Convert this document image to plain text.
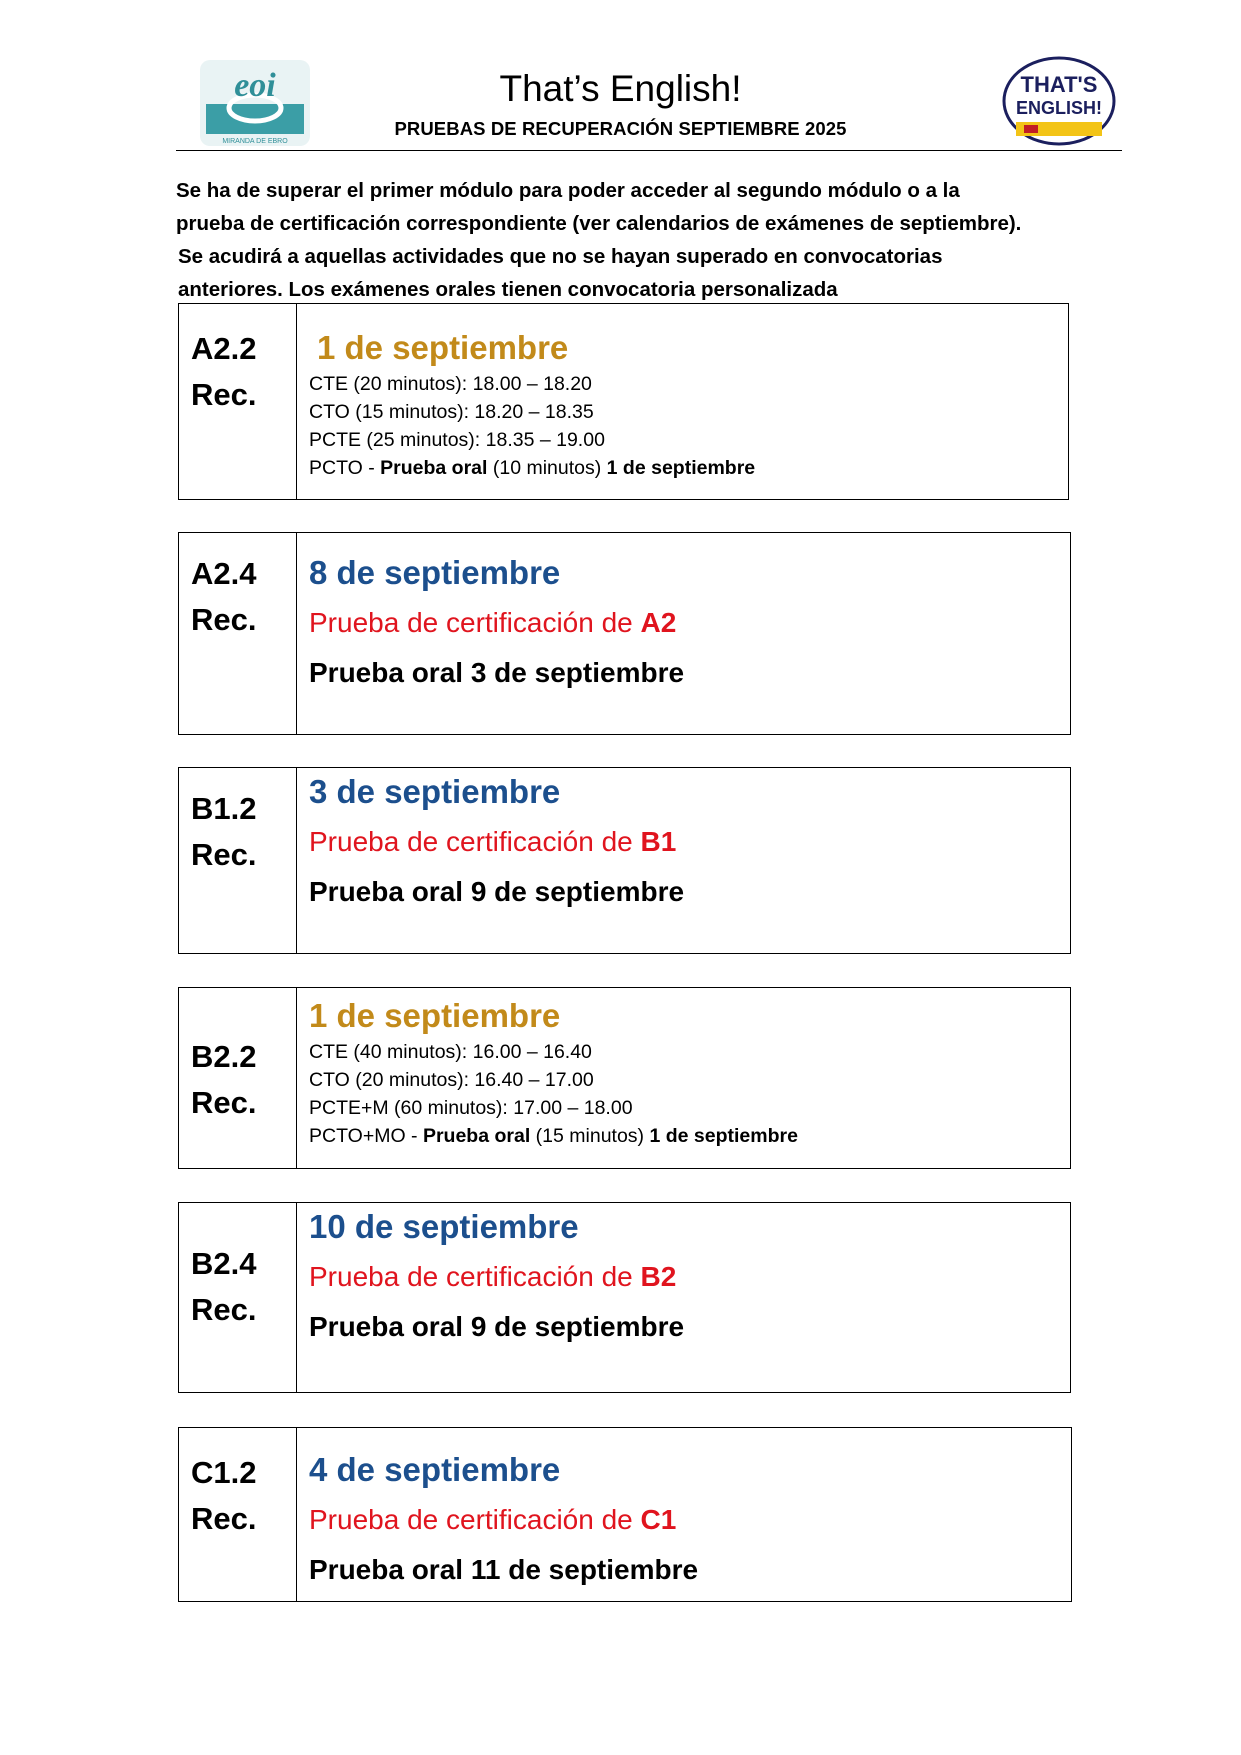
eoi
MIRANDA DE EBRO
THAT'S
ENGLISH!
That’s English!
PRUEBAS DE RECUPERACIÓN SEPTIEMBRE 2025

Se ha de superar el primer módulo para poder acceder al segundo módulo o a la

prueba de certificación correspondiente (ver calendarios de exámenes de septiembre).

Se acudirá a aquellas actividades que no se hayan superado en convocatorias

anteriores. Los exámenes orales tienen convocatoria personalizada

A2.2
Rec.
1 de septiembre
CTE (20 minutos): 18.00 – 18.20
CTO (15 minutos): 18.20 – 18.35
PCTE (25 minutos): 18.35 – 19.00
PCTO - Prueba oral (10 minutos) 1 de septiembre
A2.4
Rec.
8 de septiembre
Prueba de certificación de A2
Prueba oral 3 de septiembre
B1.2
Rec.
3 de septiembre
Prueba de certificación de B1
Prueba oral 9 de septiembre
B2.2
Rec.
1 de septiembre
CTE (40 minutos): 16.00 – 16.40
CTO (20 minutos): 16.40 – 17.00
PCTE+M (60 minutos): 17.00 – 18.00
PCTO+MO - Prueba oral (15 minutos) 1 de septiembre
B2.4
Rec.
10 de septiembre
Prueba de certificación de B2
Prueba oral 9 de septiembre
C1.2
Rec.
4 de septiembre
Prueba de certificación de C1
Prueba oral 11 de septiembre
